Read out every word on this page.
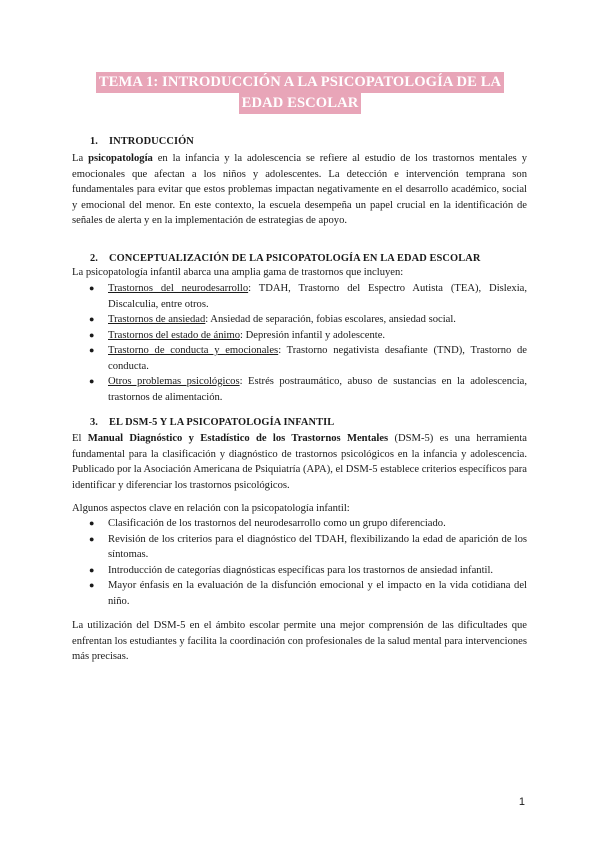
TEMA 1: INTRODUCCIÓN A LA PSICOPATOLOGÍA DE LA
EDAD ESCOLAR
1. INTRODUCCIÓN

La psicopatología en la infancia y la adolescencia se refiere al estudio de los trastornos mentales y emocionales que afectan a los niños y adolescentes. La detección e intervención temprana son fundamentales para evitar que estos problemas impactan negativamente en el desarrollo académico, social y emocional del menor. En este contexto, la escuela desempeña un papel crucial en la identificación de señales de alerta y en la implementación de estrategias de apoyo.

2. CONCEPTUALIZACIÓN DE LA PSICOPATOLOGÍA EN LA EDAD ESCOLAR

La psicopatología infantil abarca una amplia gama de trastornos que incluyen:

● Trastornos del neurodesarrollo: TDAH, Trastorno del Espectro Autista (TEA), Dislexia, Discalculia, entre otros.
● Trastornos de ansiedad: Ansiedad de separación, fobias escolares, ansiedad social.
● Trastornos del estado de ánimo: Depresión infantil y adolescente.
● Trastorno de conducta y emocionales: Trastorno negativista desafiante (TND), Trastorno de conducta.
● Otros problemas psicológicos: Estrés postraumático, abuso de sustancias en la adolescencia, trastornos de alimentación.
3. EL DSM-5 Y LA PSICOPATOLOGÍA INFANTIL

El Manual Diagnóstico y Estadístico de los Trastornos Mentales (DSM-5) es una herramienta fundamental para la clasificación y diagnóstico de trastornos psicológicos en la infancia y adolescencia. Publicado por la Asociación Americana de Psiquiatría (APA), el DSM-5 establece criterios específicos para identificar y diferenciar los trastornos psicológicos.

Algunos aspectos clave en relación con la psicopatología infantil:

● Clasificación de los trastornos del neurodesarrollo como un grupo diferenciado.
● Revisión de los criterios para el diagnóstico del TDAH, flexibilizando la edad de aparición de los síntomas.
● Introducción de categorías diagnósticas específicas para los trastornos de ansiedad infantil.
● Mayor énfasis en la evaluación de la disfunción emocional y el impacto en la vida cotidiana del niño.

La utilización del DSM-5 en el ámbito escolar permite una mejor comprensión de las dificultades que enfrentan los estudiantes y facilita la coordinación con profesionales de la salud mental para intervenciones más precisas.

1
